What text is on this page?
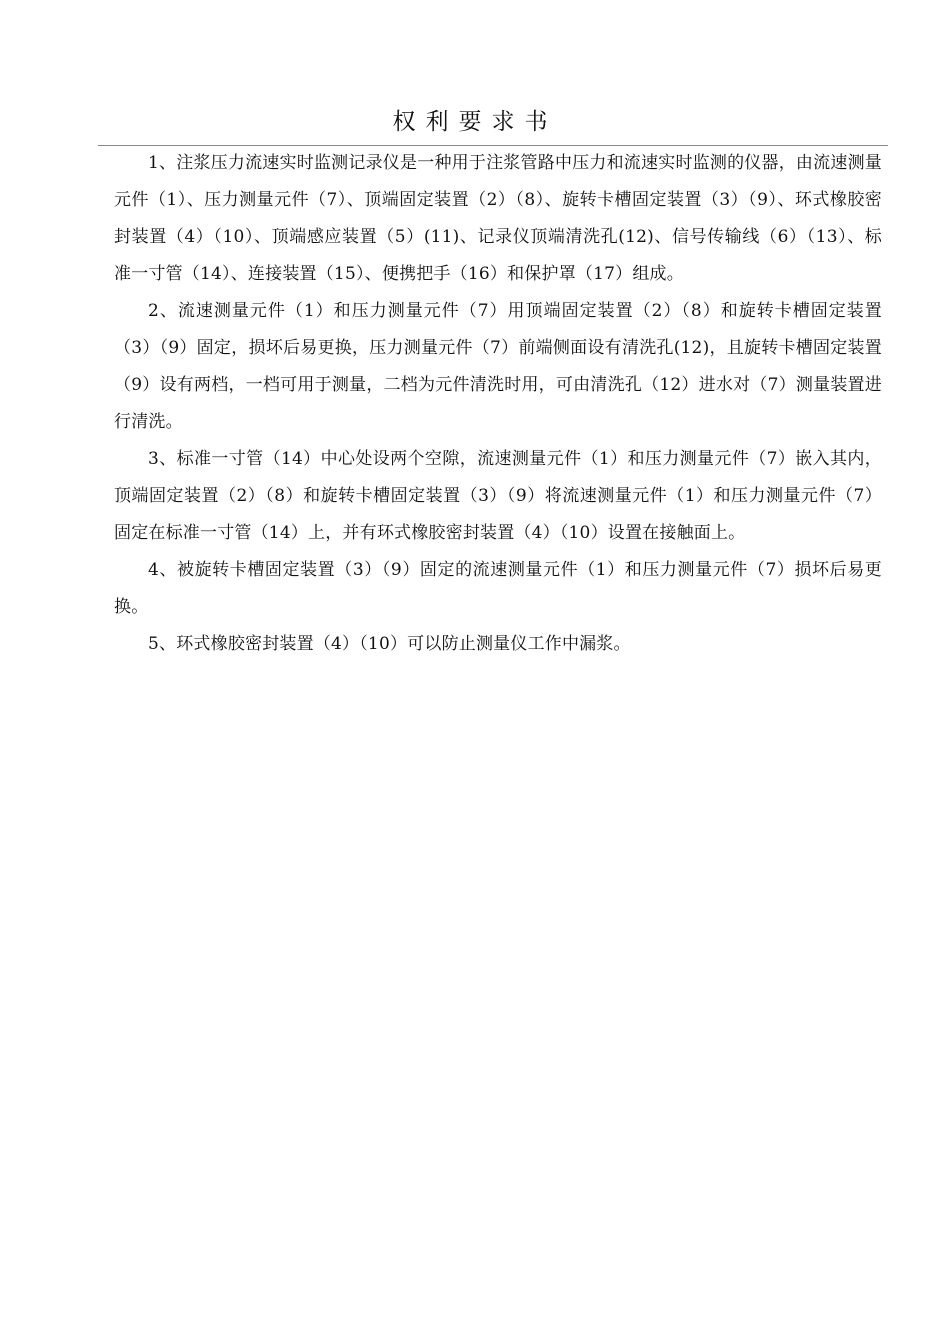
权利要求书

1、注浆压力流速实时监测记录仪是一种用于注浆管路中压力和流速实时监测的仪器，由流速测量元件（1）、压力测量元件（7）、顶端固定装置（2）（8）、旋转卡槽固定装置（3）（9）、环式橡胶密封装置（4）（10）、顶端感应装置（5）(11)、记录仪顶端清洗孔(12)、信号传输线（6）（13）、标准一寸管（14）、连接装置（15）、便携把手（16）和保护罩（17）组成。

2、流速测量元件（1）和压力测量元件（7）用顶端固定装置（2）（8）和旋转卡槽固定装置（3）（9）固定，损坏后易更换，压力测量元件（7）前端侧面设有清洗孔(12)，且旋转卡槽固定装置（9）设有两档，一档可用于测量，二档为元件清洗时用，可由清洗孔（12）进水对（7）测量装置进行清洗。

3、标准一寸管（14）中心处设两个空隙，流速测量元件（1）和压力测量元件（7）嵌入其内，顶端固定装置（2）（8）和旋转卡槽固定装置（3）（9）将流速测量元件（1）和压力测量元件（7）固定在标准一寸管（14）上，并有环式橡胶密封装置（4）（10）设置在接触面上。

4、被旋转卡槽固定装置（3）（9）固定的流速测量元件（1）和压力测量元件（7）损坏后易更换。

5、环式橡胶密封装置（4）（10）可以防止测量仪工作中漏浆。
